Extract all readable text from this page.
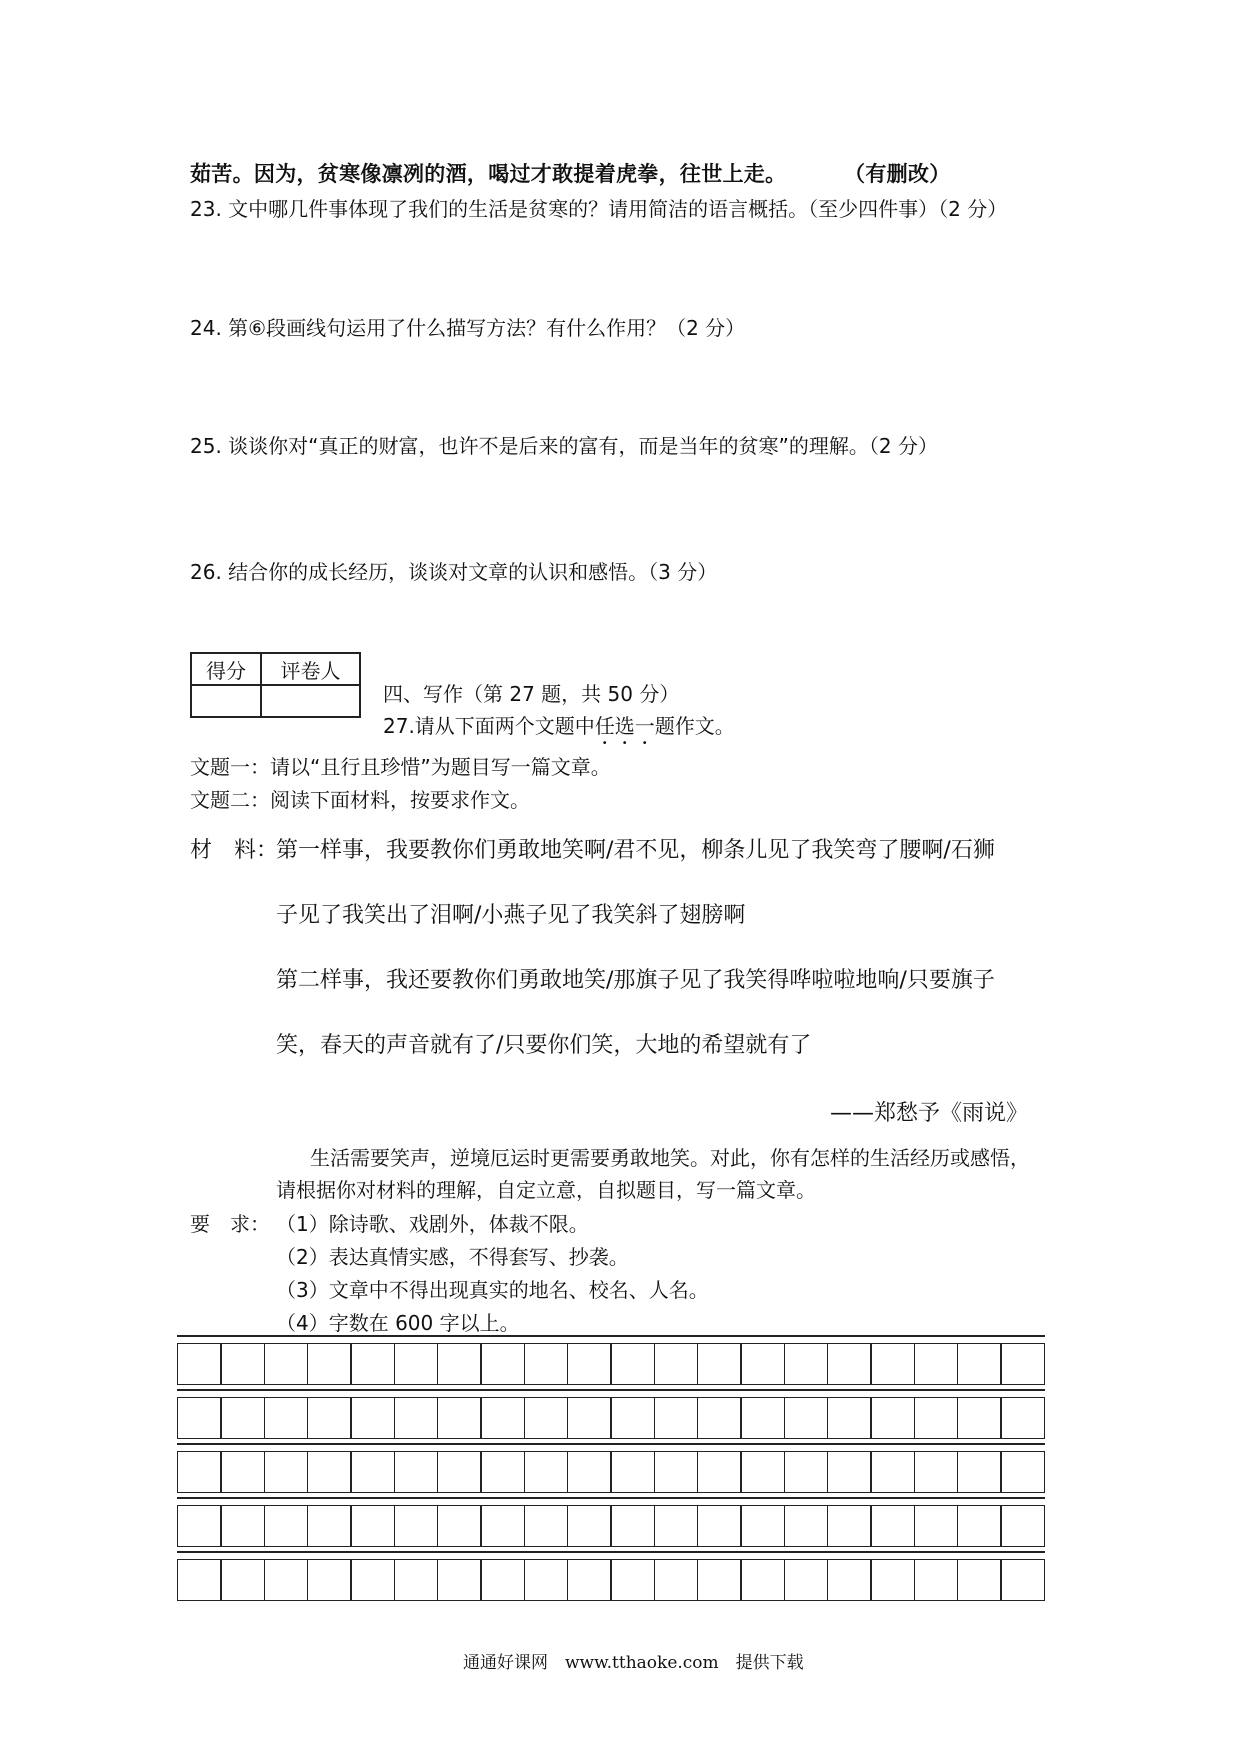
茹苦。因为，贫寒像凛冽的酒，喝过才敢提着虎拳，往世上走。	（有删改）
23. 文中哪几件事体现了我们的生活是贫寒的？请用简洁的语言概括。（至少四件事）（2 分）
24. 第⑥段画线句运用了什么描写方法？有什么作用？（2 分）
25. 谈谈你对“真正的财富，也许不是后来的富有，而是当年的贫寒”的理解。（2 分）
26. 结合你的成长经历，谈谈对文章的认识和感悟。（3 分）
得分	评卷人

四、写作（第 27 题，共 50 分）
27.请从下面两个文题中任选一题作文。
文题一：请以“且行且珍惜”为题目写一篇文章。
文题二：阅读下面材料，按要求作文。
材　料：
第一样事，我要教你们勇敢地笑啊/君不见，柳条儿见了我笑弯了腰啊/石狮
子见了我笑出了泪啊/小燕子见了我笑斜了翅膀啊
第二样事，我还要教你们勇敢地笑/那旗子见了我笑得哗啦啦地响/只要旗子
笑，春天的声音就有了/只要你们笑，大地的希望就有了
——郑愁予《雨说》
生活需要笑声，逆境厄运时更需要勇敢地笑。对此，你有怎样的生活经历或感悟，
请根据你对材料的理解，自定立意，自拟题目，写一篇文章。
要　求： （1）除诗歌、戏剧外，体裁不限。
（2）表达真情实感，不得套写、抄袭。
（3）文章中不得出现真实的地名、校名、人名。
（4）字数在 600 字以上。
通通好课网　www.tthaoke.com　提供下载
